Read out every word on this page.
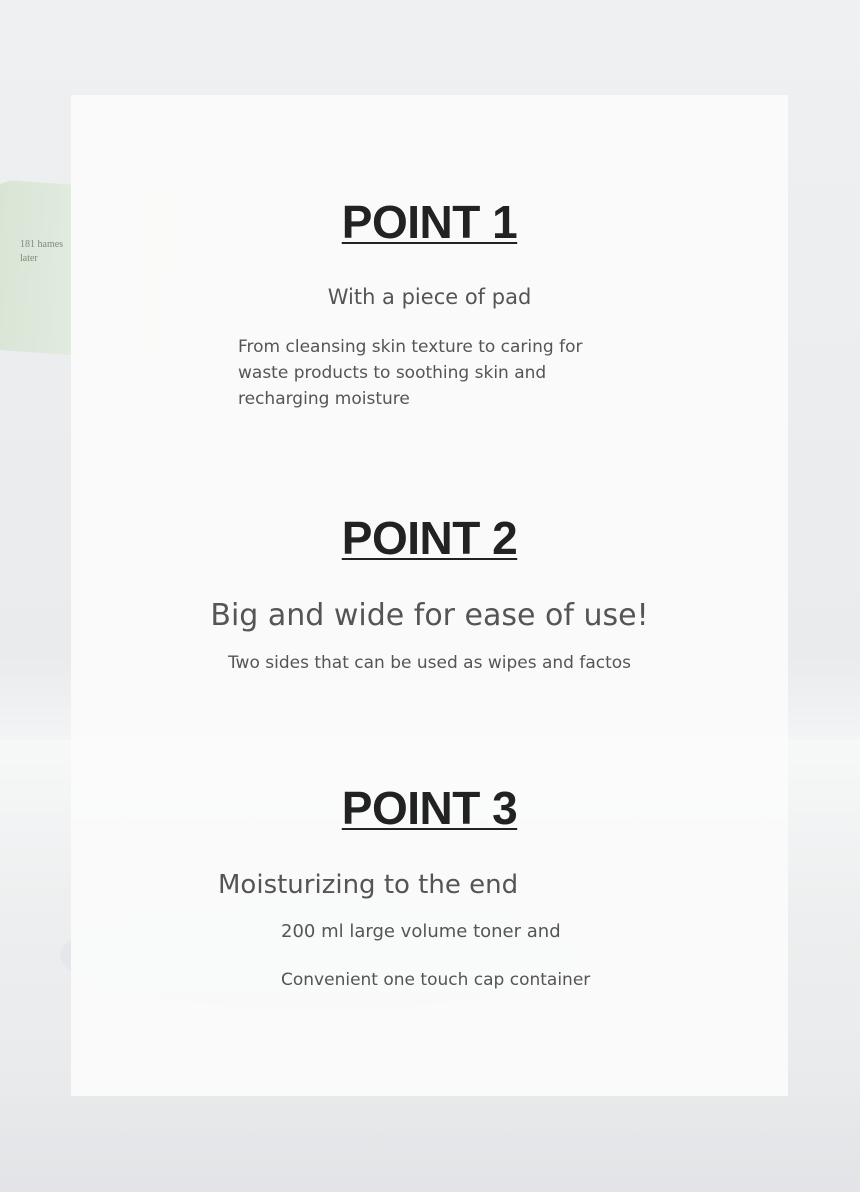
181 hames later
POINT 1

With a piece of pad

From cleansing skin texture to caring for

waste products to soothing skin and

recharging moisture

POINT 2

Big and wide for ease of use!

Two sides that can be used as wipes and factos

POINT 3

Moisturizing to the end

200 ml large volume toner and

Convenient one touch cap container
